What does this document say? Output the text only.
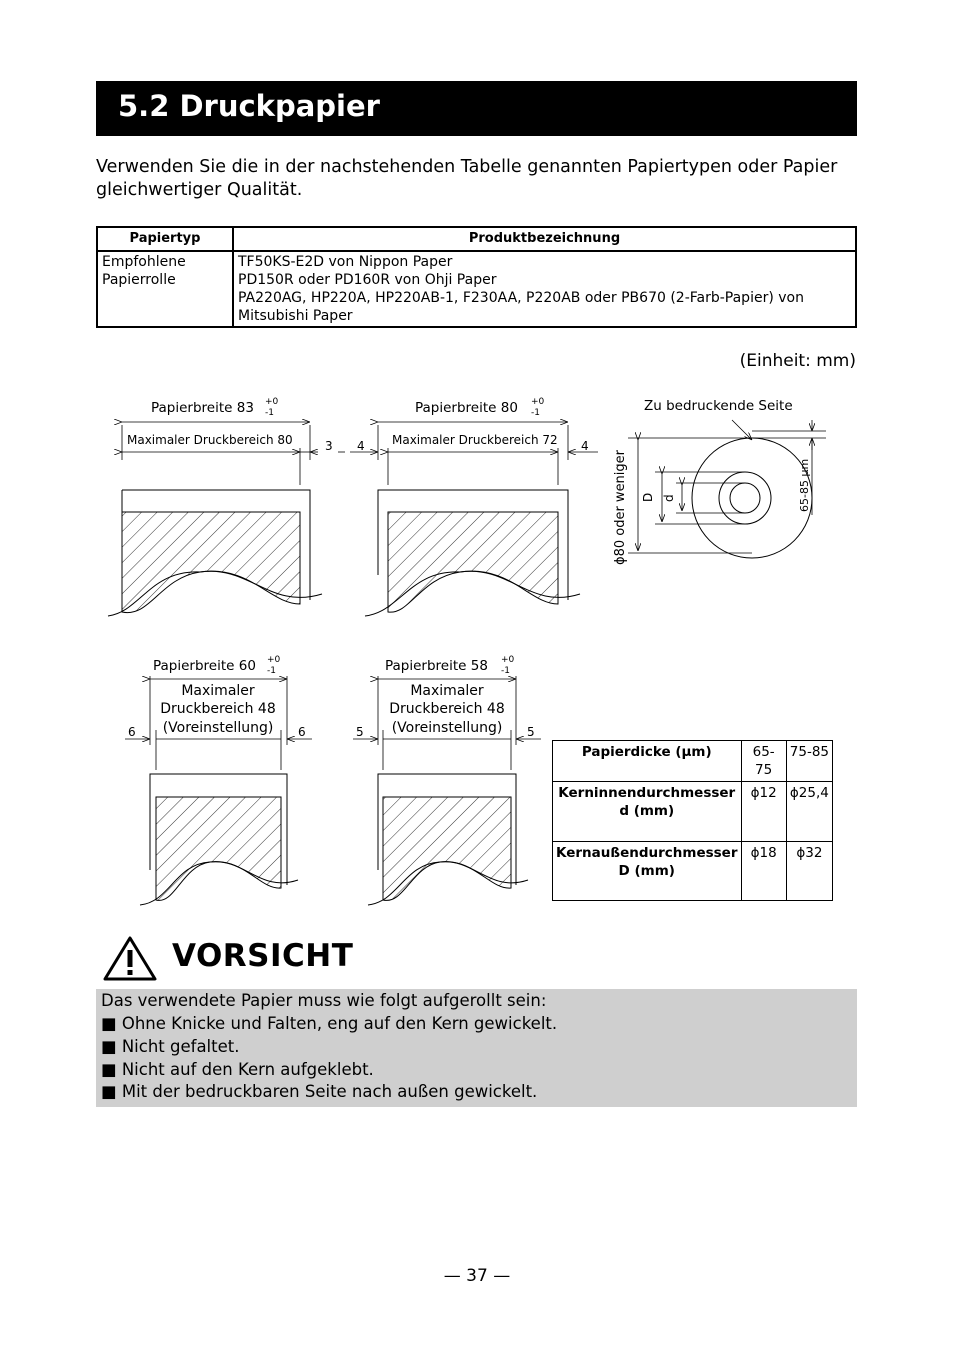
5.2 Druckpapier
Verwenden Sie die in der nachstehenden Tabelle genannten Papiertypen oder Papier gleichwertiger Qualität.
Papiertyp	Produktbezeichnung
Empfohlene Papierrolle	TF50KS-E2D von Nippon Paper
PD150R oder PD160R von Ohji Paper
PA220AG, HP220A, HP220AB-1, F230AA, P220AB oder PB670 (2-Farb-Papier) von Mitsubishi Paper
(Einheit: mm)
Papierbreite 83 +0
-1
Maximaler Druckbereich 80	3
Papierbreite 80 +0
-1
Maximaler Druckbereich 72
4	4
Papierbreite 60 +0
-1
Maximaler
Druckbereich 48
(Voreinstellung)
6	6
Papierbreite 58 +0
-1
Maximaler
Druckbereich 48
(Voreinstellung)
5	5
Zu bedruckende Seite
ϕ80 oder weniger D d	65-85 µm
Papierdicke (µm)	65-75	75-85
Kerninnendurchmesser d (mm)	ϕ12	ϕ25,4
Kernaußendurchmesser D (mm)	ϕ18	ϕ32
VORSICHT
Das verwendete Papier muss wie folgt aufgerollt sein:
■ Ohne Knicke und Falten, eng auf den Kern gewickelt.
■ Nicht gefaltet.
■ Nicht auf den Kern aufgeklebt.
■ Mit der bedruckbaren Seite nach außen gewickelt.
— 37 —
